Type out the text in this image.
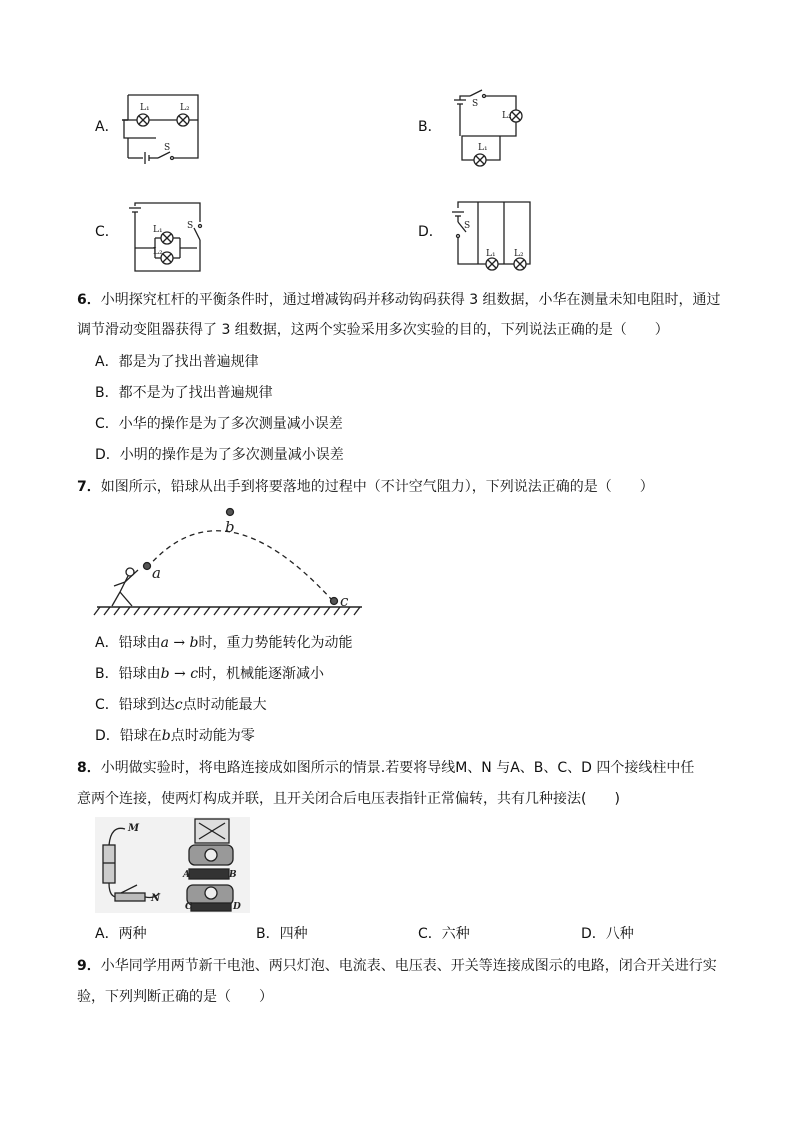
A．
L₁	L₂
S
B．
S
L₂
L₁
C．	L₁
L₂
S	D． S
L₁ L₂
6．小明探究杠杆的平衡条件时，通过增减钩码并移动钩码获得 3 组数据，小华在测量未知电阻时，通过
调节滑动变阻器获得了 3 组数据，这两个实验采用多次实验的目的，下列说法正确的是（　　）
A．都是为了找出普遍规律
B．都不是为了找出普遍规律
C．小华的操作是为了多次测量减小误差
D．小明的操作是为了多次测量减小误差
7．如图所示，铅球从出手到将要落地的过程中（不计空气阻力），下列说法正确的是（　　）
a
b
c
A．铅球由a → b时，重力势能转化为动能
B．铅球由b → c时，机械能逐渐减小
C．铅球到达c点时动能最大
D．铅球在b点时动能为零
8．小明做实验时，将电路连接成如图所示的情景.若要将导线M、N 与A、B、C、D 四个接线柱中任
意两个连接，使两灯构成并联，且开关闭合后电压表指针正常偏转，共有几种接法(　　)
M
N
A	B
C	D
A．两种	B．四种	C．六种	D．八种
9．小华同学用两节新干电池、两只灯泡、电流表、电压表、开关等连接成图示的电路，闭合开关进行实
验，下列判断正确的是（　　）
